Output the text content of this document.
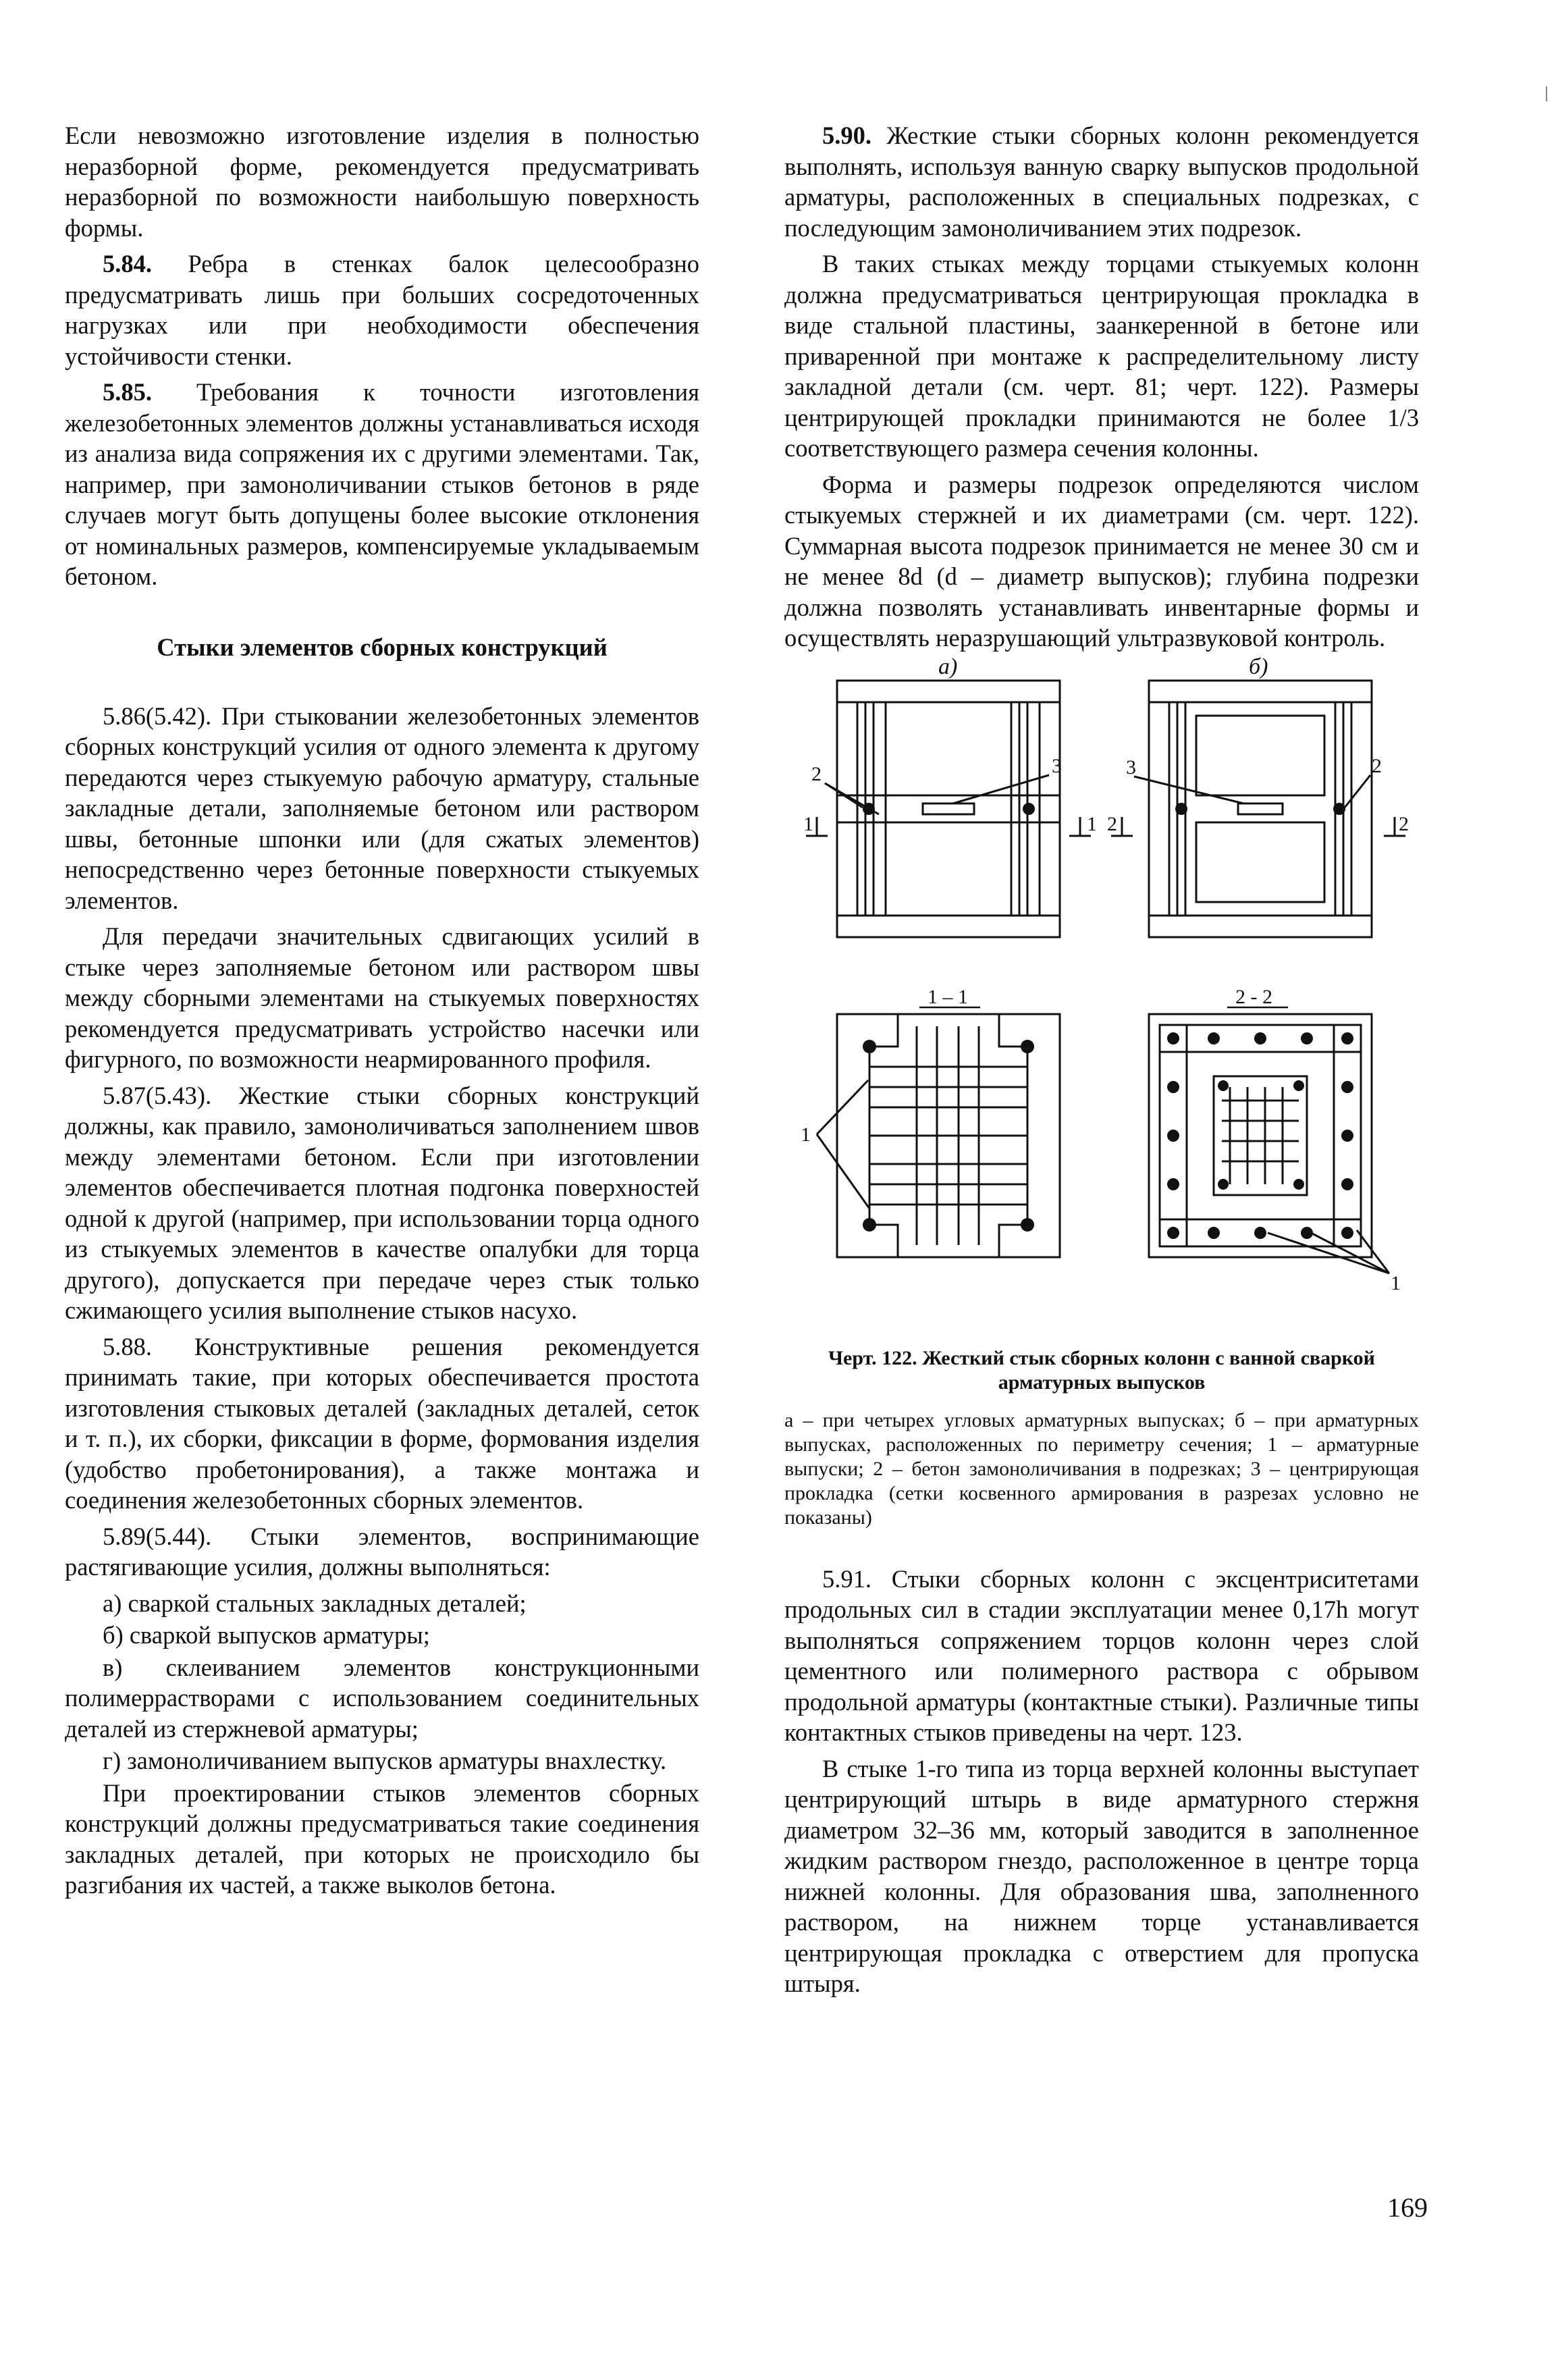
Если невозможно изготовление изделия в полностью неразборной форме, рекомендуется предусматривать неразборной по возможности наибольшую поверхность формы.

5.84. Ребра в стенках балок целесообразно предусматривать лишь при больших сосредоточенных нагрузках или при необходимости обеспечения устойчивости стенки.

5.85. Требования к точности изготовления железобетонных элементов должны устанавливаться исходя из анализа вида сопряжения их с другими элементами. Так, например, при замоноличивании стыков бетонов в ряде случаев могут быть допущены более высокие отклонения от номинальных размеров, компенсируемые укладываемым бетоном.

Стыки элементов сборных конструкций

5.86(5.42). При стыковании железобетонных элементов сборных конструкций усилия от одного элемента к другому передаются через стыкуемую рабочую арматуру, стальные закладные детали, заполняемые бетоном или раствором швы, бетонные шпонки или (для сжатых элементов) непосредственно через бетонные поверхности стыкуемых элементов.

Для передачи значительных сдвигающих усилий в стыке через заполняемые бетоном или раствором швы между сборными элементами на стыкуемых поверхностях рекомендуется предусматривать устройство насечки или фигурного, по возможности неармированного профиля.

5.87(5.43). Жесткие стыки сборных конструкций должны, как правило, замоноличиваться заполнением швов между элементами бетоном. Если при изготовлении элементов обеспечивается плотная подгонка поверхностей одной к другой (например, при использовании торца одного из стыкуемых элементов в качестве опалубки для торца другого), допускается при передаче через стык только сжимающего усилия выполнение стыков насухо.

5.88. Конструктивные решения рекомендуется принимать такие, при которых обеспечивается простота изготовления стыковых деталей (закладных деталей, сеток и т. п.), их сборки, фиксации в форме, формования изделия (удобство пробетонирования), а также монтажа и соединения железобетонных сборных элементов.

5.89(5.44). Стыки элементов, воспринимающие растягивающие усилия, должны выполняться:

а) сваркой стальных закладных деталей;

б) сваркой выпусков арматуры;

в) склеиванием элементов конструкционными полимеррастворами с использованием соединительных деталей из стержневой арматуры;

г) замоноличиванием выпусков арматуры внахлестку.

При проектировании стыков элементов сборных конструкций должны предусматриваться такие соединения закладных деталей, при которых не происходило бы разгибания их частей, а также выколов бетона.

5.90. Жесткие стыки сборных колонн рекомендуется выполнять, используя ванную сварку выпусков продольной арматуры, расположенных в специальных подрезках, с последующим замоноличиванием этих подрезок.

В таких стыках между торцами стыкуемых колонн должна предусматриваться центрирующая прокладка в виде стальной пластины, заанкеренной в бетоне или приваренной при монтаже к распределительному листу закладной детали (см. черт. 81; черт. 122). Размеры центрирующей прокладки принимаются не более 1/3 соответствующего размера сечения колонны.

Форма и размеры подрезок определяются числом стыкуемых стержней и их диаметрами (см. черт. 122). Суммарная высота подрезок принимается не менее 30 см и не менее 8d (d – диаметр выпусков); глубина подрезки должна позволять устанавливать инвентарные формы и осуществлять неразрушающий ультразвуковой контроль.

а)	б)
2	3	3	2
1	1 2	2
1 – 1	2 - 2
1
1
Черт. 122. Жесткий стык сборных колонн с ванной сваркой арматурных выпусков
а – при четырех угловых арматурных выпусках; б – при арматурных выпусках, расположенных по периметру сечения; 1 – арматурные выпуски; 2 – бетон замоноличивания в подрезках; 3 – центрирующая прокладка (сетки косвенного армирования в разрезах условно не показаны)

5.91. Стыки сборных колонн с эксцентриситетами продольных сил в стадии эксплуатации менее 0,17h могут выполняться сопряжением торцов колонн через слой цементного или полимерного раствора с обрывом продольной арматуры (контактные стыки). Различные типы контактных стыков приведены на черт. 123.

В стыке 1-го типа из торца верхней колонны выступает центрирующий штырь в виде арматурного стержня диаметром 32–36 мм, который заводится в заполненное жидким раствором гнездо, расположенное в центре торца нижней колонны. Для образования шва, заполненного раствором, на нижнем торце устанавливается центрирующая прокладка с отверстием для пропуска штыря.

169
